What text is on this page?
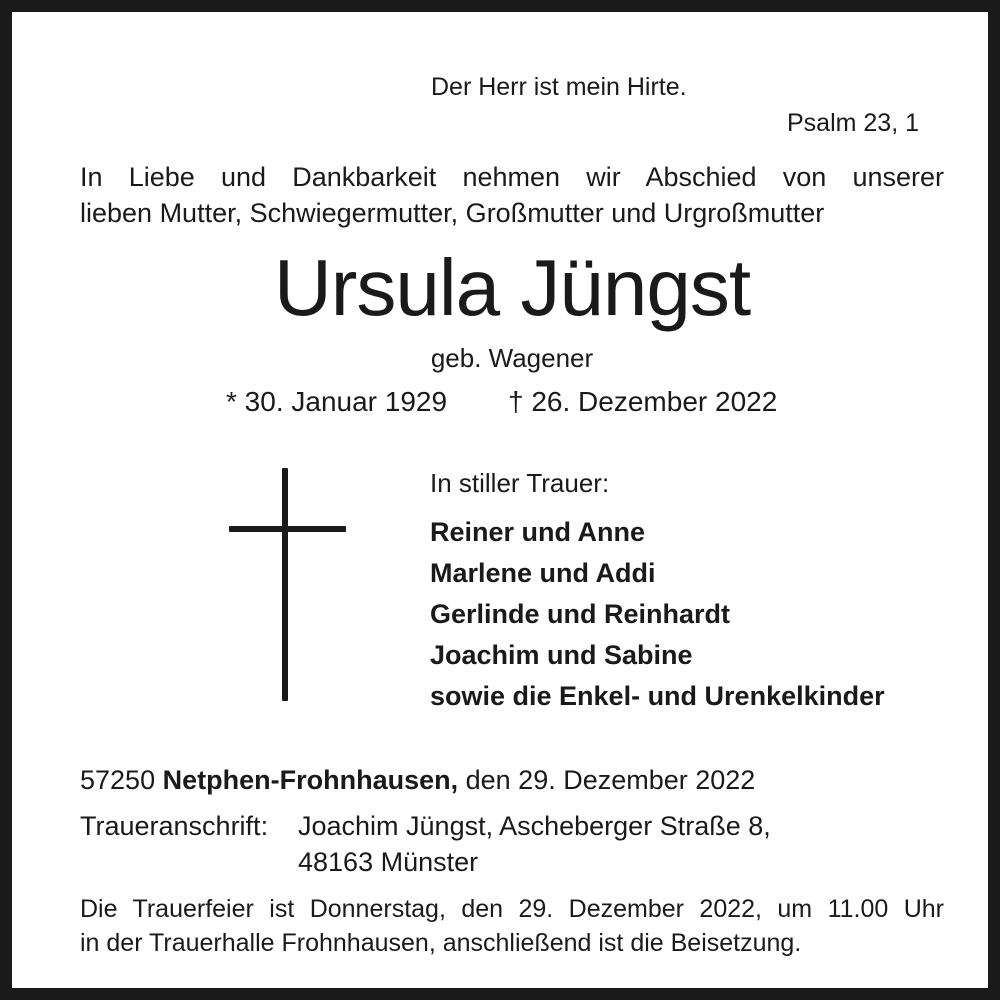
Der Herr ist mein Hirte.

Psalm 23, 1

In Liebe und Dankbarkeit nehmen wir Abschied von unserer

lieben Mutter, Schwiegermutter, Großmutter und Urgroßmutter

Ursula Jüngst

geb. Wagener

* 30. Januar 1929 † 26. Dezember 2022

In stiller Trauer:

Reiner und Anne

Marlene und Addi

Gerlinde und Reinhardt

Joachim und Sabine

sowie die Enkel- und Urenkelkinder

57250 Netphen-Frohnhausen, den 29. Dezember 2022

Traueranschrift: Joachim Jüngst, Ascheberger Straße 8,

48163 Münster

Die Trauerfeier ist Donnerstag, den 29. Dezember 2022, um 11.00 Uhr

in der Trauerhalle Frohnhausen, anschließend ist die Beisetzung.
